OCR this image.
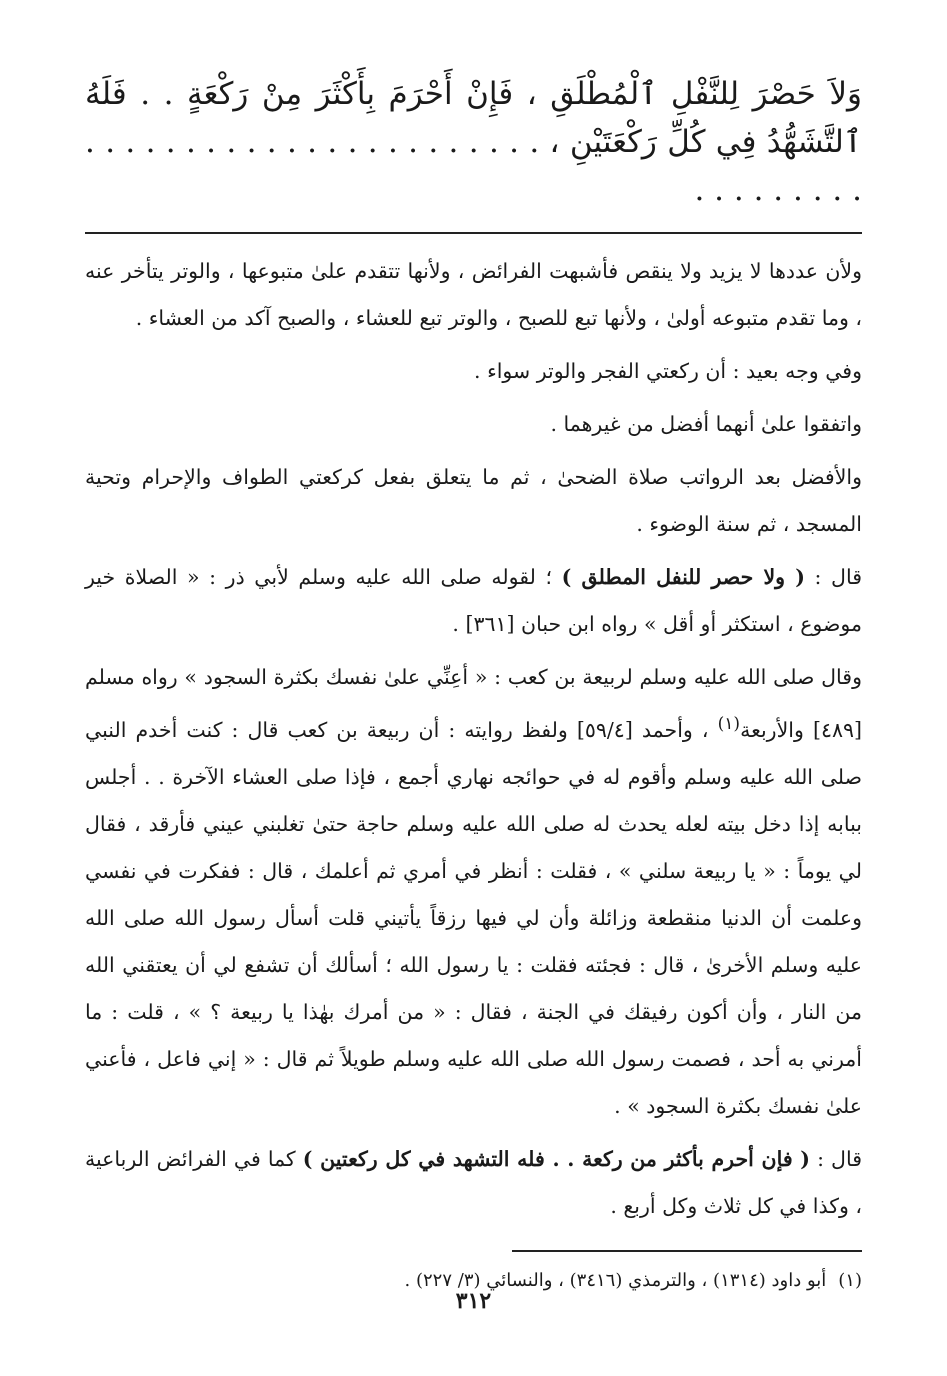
وَلاَ حَصْرَ لِلنَّفْلِ ٱلْمُطْلَقِ ، فَإِنْ أَحْرَمَ بِأَكْثَرَ مِنْ رَكْعَةٍ . . فَلَهُ ٱلتَّشَهُّدُ فِي كُلِّ رَكْعَتَيْنِ ، . . . . . . . . . . . . . . . . . . . . . . . . . . . . . . . .

ولأن عددها لا يزيد ولا ينقص فأشبهت الفرائض ، ولأنها تتقدم علىٰ متبوعها ، والوتر يتأخر عنه ، وما تقدم متبوعه أولىٰ ، ولأنها تبع للصبح ، والوتر تبع للعشاء ، والصبح آكد من العشاء .

وفي وجه بعيد : أن ركعتي الفجر والوتر سواء .

واتفقوا علىٰ أنهما أفضل من غيرهما .

والأفضل بعد الرواتب صلاة الضحىٰ ، ثم ما يتعلق بفعل كركعتي الطواف والإحرام وتحية المسجد ، ثم سنة الوضوء .

قال : ( ولا حصر للنفل المطلق ) ؛ لقوله صلى الله عليه وسلم لأبي ذر : « الصلاة خير موضوع ، استكثر أو أقل » رواه ابن حبان [٣٦١] .

وقال صلى الله عليه وسلم لربيعة بن كعب : « أعِنِّي علىٰ نفسك بكثرة السجود » رواه مسلم [٤٨٩] والأربعة$^{(١)}$ ، وأحمد [٥٩/٤] ولفظ روايته : أن ربيعة بن كعب قال : كنت أخدم النبي صلى الله عليه وسلم وأقوم له في حوائجه نهاري أجمع ، فإذا صلى العشاء الآخرة . . أجلس ببابه إذا دخل بيته لعله يحدث له صلى الله عليه وسلم حاجة حتىٰ تغلبني عيني فأرقد ، فقال لي يوماً : « يا ربيعة سلني » ، فقلت : أنظر في أمري ثم أعلمك ، قال : ففكرت في نفسي وعلمت أن الدنيا منقطعة وزائلة وأن لي فيها رزقاً يأتيني قلت أسأل رسول الله صلى الله عليه وسلم الأخرىٰ ، قال : فجئته فقلت : يا رسول الله ؛ أسألك أن تشفع لي أن يعتقني الله من النار ، وأن أكون رفيقك في الجنة ، فقال : « من أمرك بهٰذا يا ربيعة ؟ » ، قلت : ما أمرني به أحد ، فصمت رسول الله صلى الله عليه وسلم طويلاً ثم قال : « إني فاعل ، فأعني علىٰ نفسك بكثرة السجود » .

قال : ( فإن أحرم بأكثر من ركعة . . فله التشهد في كل ركعتين ) كما في الفرائض الرباعية ، وكذا في كل ثلاث وكل أربع .

(١)أبو داود (١٣١٤) ، والترمذي (٣٤١٦) ، والنسائي (٣/ ٢٢٧) .

٣١٢
